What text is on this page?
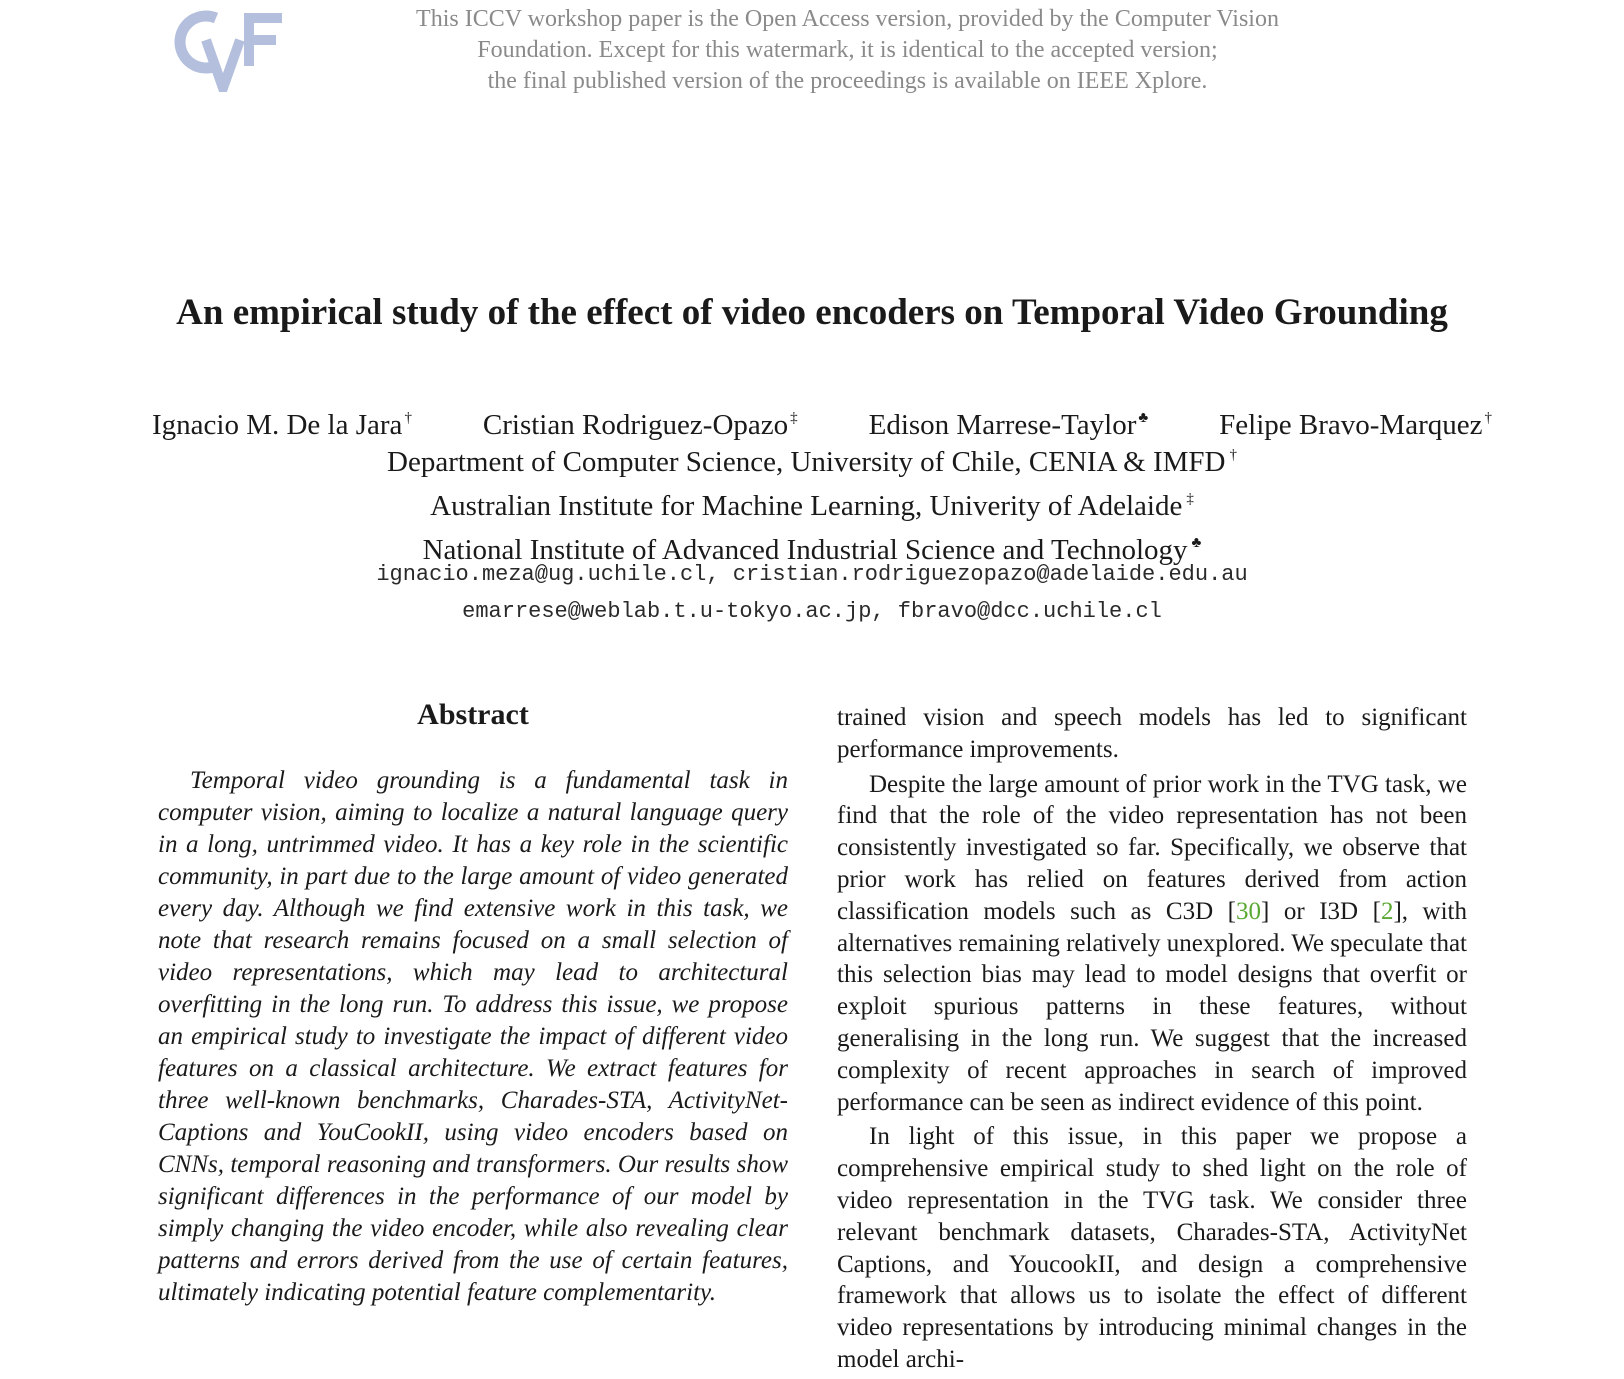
This ICCV workshop paper is the Open Access version, provided by the Computer Vision
Foundation. Except for this watermark, it is identical to the accepted version;
the final published version of the proceedings is available on IEEE Xplore.
An empirical study of the effect of video encoders on Temporal Video Grounding
Ignacio M. De la Jara † Cristian Rodriguez-Opazo ‡ Edison Marrese-Taylor ♣ Felipe Bravo-Marquez †
Department of Computer Science, University of Chile, CENIA & IMFD †
Australian Institute for Machine Learning, Univerity of Adelaide ‡
National Institute of Advanced Industrial Science and Technology ♣
ignacio.meza@ug.uchile.cl, cristian.rodriguezopazo@adelaide.edu.au
emarrese@weblab.t.u-tokyo.ac.jp, fbravo@dcc.uchile.cl
Abstract

Temporal video grounding is a fundamental task in computer vision, aiming to localize a natural language query in a long, untrimmed video. It has a key role in the scientific community, in part due to the large amount of video generated every day. Although we find extensive work in this task, we note that research remains focused on a small selection of video representations, which may lead to architectural overfitting in the long run. To address this issue, we propose an empirical study to investigate the impact of different video features on a classical architecture. We extract features for three well-known benchmarks, Charades-STA, ActivityNet-Captions and YouCookII, using video encoders based on CNNs, temporal reasoning and transformers. Our results show significant differences in the performance of our model by simply changing the video encoder, while also revealing clear patterns and errors derived from the use of certain features, ultimately indicating potential feature complementarity.

trained vision and speech models has led to significant performance improvements.

Despite the large amount of prior work in the TVG task, we find that the role of the video representation has not been consistently investigated so far. Specifically, we observe that prior work has relied on features derived from action classification models such as C3D [30] or I3D [2], with alternatives remaining relatively unexplored. We speculate that this selection bias may lead to model designs that overfit or exploit spurious patterns in these features, without generalising in the long run. We suggest that the increased complexity of recent approaches in search of improved performance can be seen as indirect evidence of this point.

In light of this issue, in this paper we propose a comprehensive empirical study to shed light on the role of video representation in the TVG task. We consider three relevant benchmark datasets, Charades-STA, ActivityNet Captions, and YoucookII, and design a comprehensive framework that allows us to isolate the effect of different video representations by introducing minimal changes in the model archi-
